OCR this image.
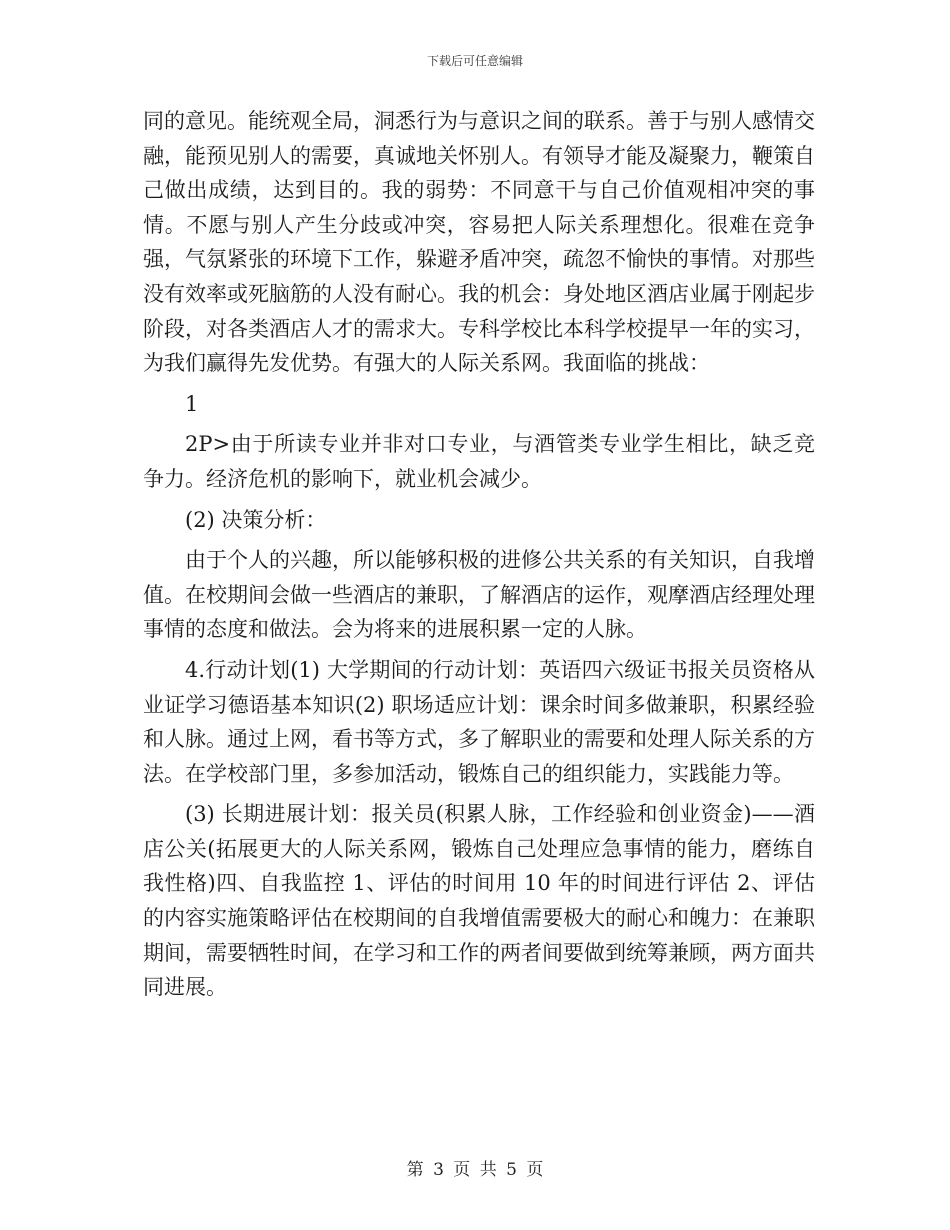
下载后可任意编辑

同的意见。能统观全局，洞悉行为与意识之间的联系。善于与别人感情交融，能预见别人的需要，真诚地关怀别人。有领导才能及凝聚力，鞭策自己做出成绩，达到目的。我的弱势：不同意干与自己价值观相冲突的事情。不愿与别人产生分歧或冲突，容易把人际关系理想化。很难在竞争强，气氛紧张的环境下工作，躲避矛盾冲突，疏忽不愉快的事情。对那些没有效率或死脑筋的人没有耐心。我的机会：身处地区酒店业属于刚起步阶段，对各类酒店人才的需求大。专科学校比本科学校提早一年的实习，为我们赢得先发优势。有强大的人际关系网。我面临的挑战：

1

2P>由于所读专业并非对口专业，与酒管类专业学生相比，缺乏竞争力。经济危机的影响下，就业机会减少。

(2) 决策分析：

由于个人的兴趣，所以能够积极的进修公共关系的有关知识，自我增值。在校期间会做一些酒店的兼职，了解酒店的运作，观摩酒店经理处理事情的态度和做法。会为将来的进展积累一定的人脉。

4.行动计划(1) 大学期间的行动计划：英语四六级证书报关员资格从业证学习德语基本知识(2) 职场适应计划：课余时间多做兼职，积累经验和人脉。通过上网，看书等方式，多了解职业的需要和处理人际关系的方法。在学校部门里，多参加活动，锻炼自己的组织能力，实践能力等。

(3) 长期进展计划：报关员(积累人脉，工作经验和创业资金)——酒店公关(拓展更大的人际关系网，锻炼自己处理应急事情的能力，磨练自我性格)四、自我监控 1、评估的时间用 10 年的时间进行评估 2、评估的内容实施策略评估在校期间的自我增值需要极大的耐心和魄力：在兼职期间，需要牺牲时间，在学习和工作的两者间要做到统筹兼顾，两方面共同进展。

第 3 页 共 5 页
